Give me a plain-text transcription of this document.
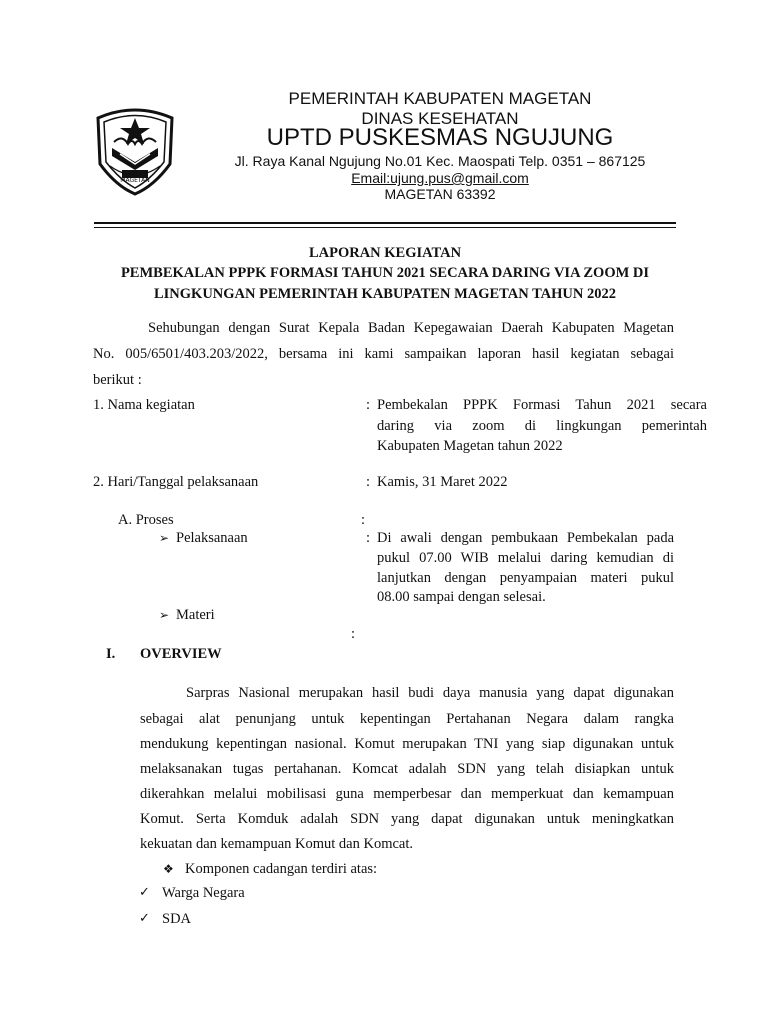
MAGETAN
PEMERINTAH KABUPATEN MAGETAN
DINAS KESEHATAN
UPTD PUSKESMAS NGUJUNG
Jl. Raya Kanal Ngujung No.01 Kec. Maospati Telp. 0351 – 867125
Email:ujung.pus@gmail.com
MAGETAN 63392
LAPORAN KEGIATAN
PEMBEKALAN PPPK FORMASI TAHUN 2021 SECARA DARING VIA ZOOM DI
LINGKUNGAN PEMERINTAH KABUPATEN MAGETAN TAHUN 2022
Sehubungan dengan Surat Kepala Badan Kepegawaian Daerah Kabupaten Magetan
No. 005/6501/403.203/2022, bersama ini kami sampaikan laporan hasil kegiatan sebagai
berikut :
1. Nama kegiatan	: Pembekalan PPPK Formasi Tahun 2021 secara
daring via zoom di lingkungan pemerintah
Kabupaten Magetan tahun 2022
2. Hari/Tanggal pelaksanaan	: Kamis, 31 Maret 2022
A. Proses	:
➢ Pelaksanaan	: Di awali dengan pembukaan Pembekalan pada
pukul 07.00 WIB melalui daring kemudian di
lanjutkan dengan penyampaian materi pukul
08.00 sampai dengan selesai.
➢ Materi
:
I. OVERVIEW
Sarpras Nasional merupakan hasil budi daya manusia yang dapat digunakan
sebagai alat penunjang untuk kepentingan Pertahanan Negara dalam rangka
mendukung kepentingan nasional. Komut merupakan TNI yang siap digunakan untuk
melaksanakan tugas pertahanan. Komcat adalah SDN yang telah disiapkan untuk
dikerahkan melalui mobilisasi guna memperbesar dan memperkuat dan kemampuan
Komut. Serta Komduk adalah SDN yang dapat digunakan untuk meningkatkan
kekuatan dan kemampuan Komut dan Komcat.
❖ Komponen cadangan terdiri atas:
✓ Warga Negara
✓ SDA
